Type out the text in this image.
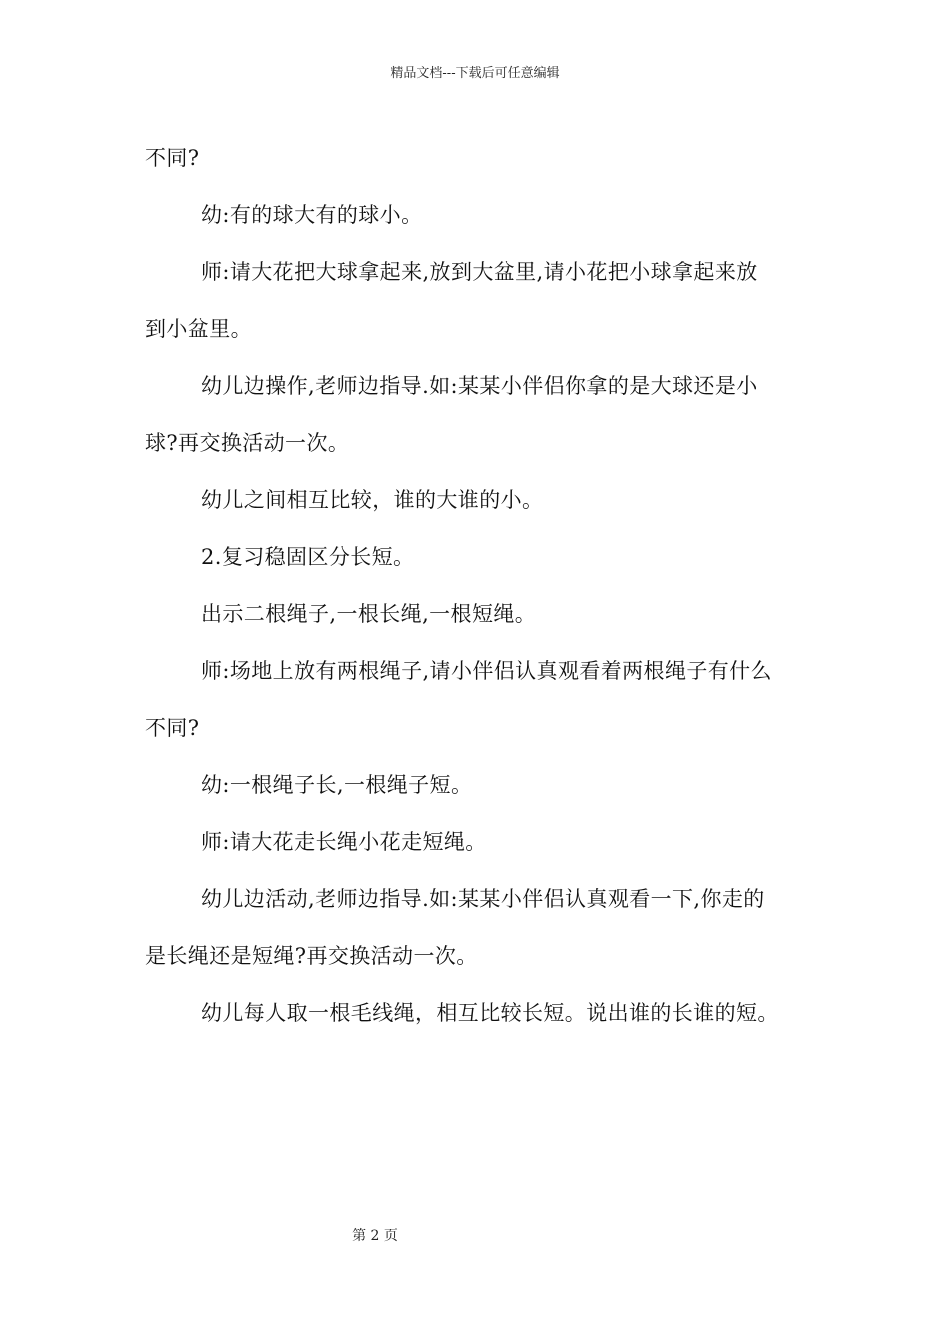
精品文档---下载后可任意编辑
不同?
幼:有的球大有的球小。
师:请大花把大球拿起来,放到大盆里,请小花把小球拿起来放
到小盆里。
幼儿边操作,老师边指导.如:某某小伴侣你拿的是大球还是小
球?再交换活动一次。
幼儿之间相互比较，谁的大谁的小。
2.复习稳固区分长短。
出示二根绳子,一根长绳,一根短绳。
师:场地上放有两根绳子,请小伴侣认真观看着两根绳子有什么
不同?
幼:一根绳子长,一根绳子短。
师:请大花走长绳小花走短绳。
幼儿边活动,老师边指导.如:某某小伴侣认真观看一下,你走的
是长绳还是短绳?再交换活动一次。
幼儿每人取一根毛线绳，相互比较长短。说出谁的长谁的短。
第 2 页
